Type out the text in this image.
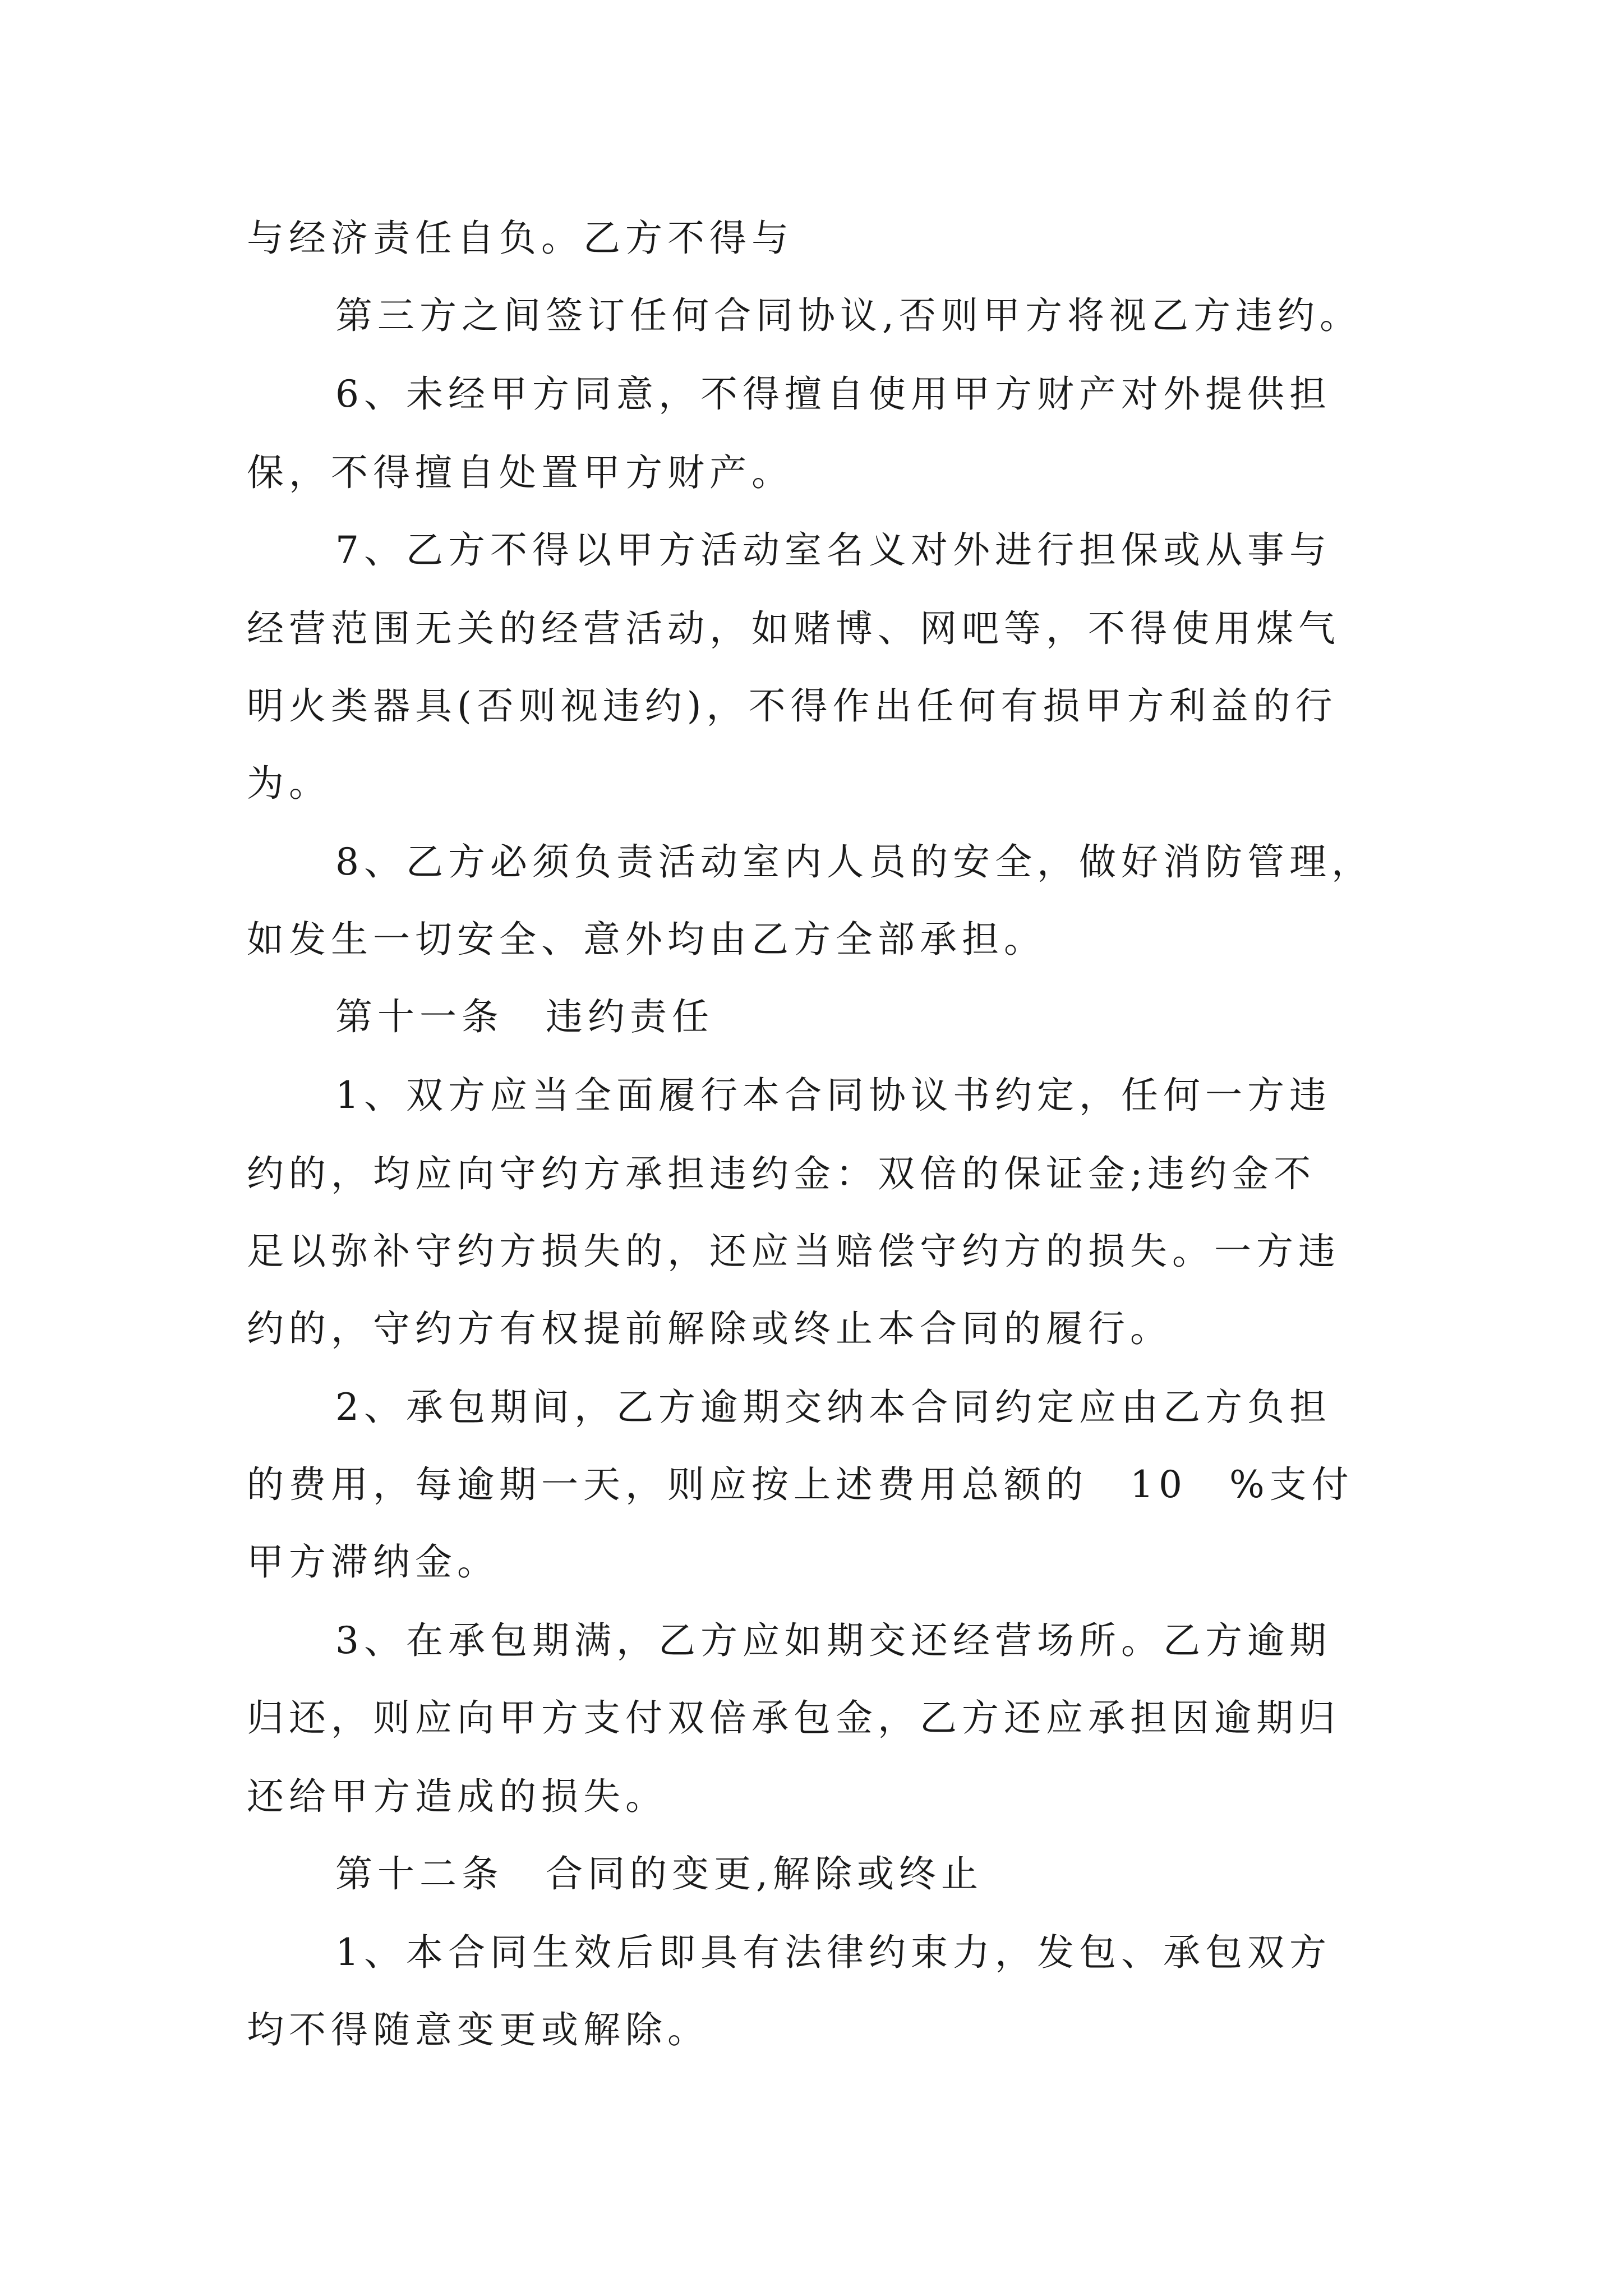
与经济责任自负。乙方不得与
第三方之间签订任何合同协议,否则甲方将视乙方违约。
6、未经甲方同意，不得擅自使用甲方财产对外提供担
保，不得擅自处置甲方财产。
7、乙方不得以甲方活动室名义对外进行担保或从事与
经营范围无关的经营活动，如赌博、网吧等，不得使用煤气
明火类器具(否则视违约)，不得作出任何有损甲方利益的行
为。
8、乙方必须负责活动室内人员的安全，做好消防管理，
如发生一切安全、意外均由乙方全部承担。
第十一条　违约责任
1、双方应当全面履行本合同协议书约定，任何一方违
约的，均应向守约方承担违约金：双倍的保证金;违约金不
足以弥补守约方损失的，还应当赔偿守约方的损失。一方违
约的，守约方有权提前解除或终止本合同的履行。
2、承包期间，乙方逾期交纳本合同约定应由乙方负担
的费用，每逾期一天，则应按上述费用总额的　10　%支付
甲方滞纳金。
3、在承包期满，乙方应如期交还经营场所。乙方逾期
归还，则应向甲方支付双倍承包金，乙方还应承担因逾期归
还给甲方造成的损失。
第十二条　合同的变更,解除或终止
1、本合同生效后即具有法律约束力，发包、承包双方
均不得随意变更或解除。
